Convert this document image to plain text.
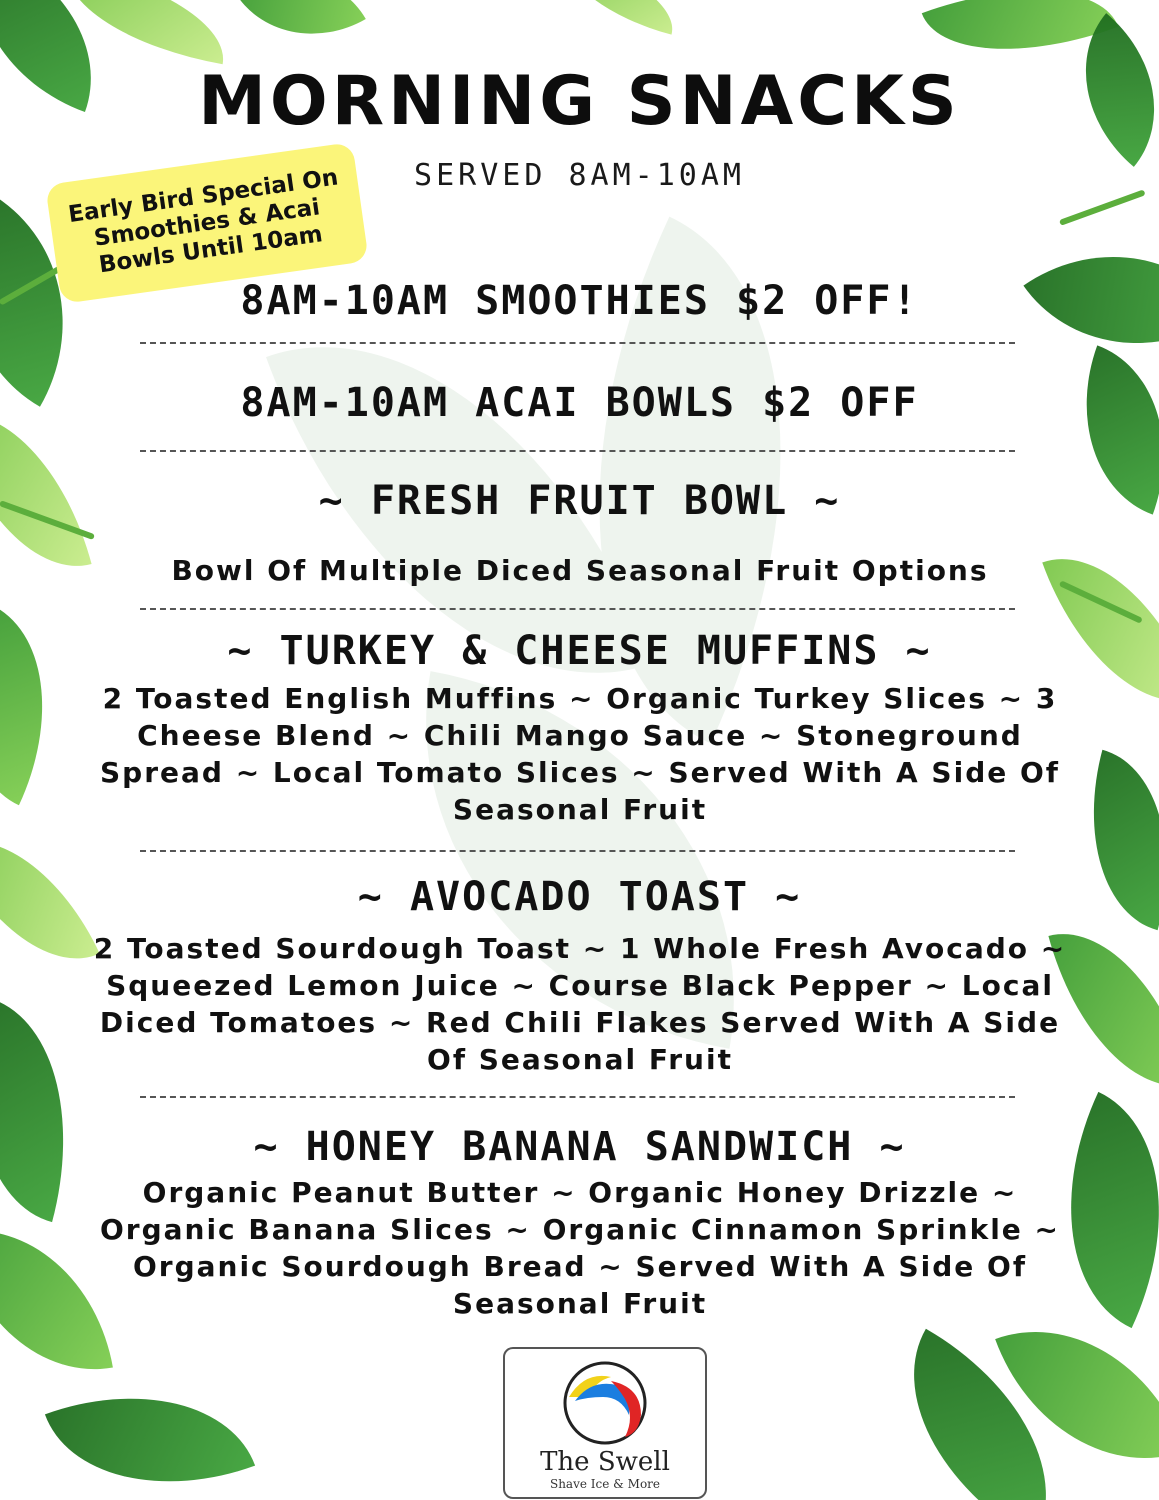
MORNING SNACKS
SERVED 8AM-10AM
Early Bird Special On Smoothies & Acai Bowls Until 10am
8AM-10AM SMOOTHIES $2 OFF!
8AM-10AM ACAI BOWLS $2 OFF
~ FRESH FRUIT BOWL ~
Bowl Of Multiple Diced Seasonal Fruit Options
~ TURKEY & CHEESE MUFFINS ~
2 Toasted English Muffins ~ Organic Turkey Slices ~ 3 Cheese Blend ~ Chili Mango Sauce ~ Stoneground Spread ~ Local Tomato Slices ~ Served With A Side Of Seasonal Fruit
~ AVOCADO TOAST ~
2 Toasted Sourdough Toast ~ 1 Whole Fresh Avocado ~ Squeezed Lemon Juice ~ Course Black Pepper ~ Local Diced Tomatoes ~ Red Chili Flakes Served With A Side Of Seasonal Fruit
~ HONEY BANANA SANDWICH ~
Organic Peanut Butter ~ Organic Honey Drizzle ~ Organic Banana Slices ~ Organic Cinnamon Sprinkle ~ Organic Sourdough Bread ~ Served With A Side Of Seasonal Fruit
The Swell
Shave Ice & More
